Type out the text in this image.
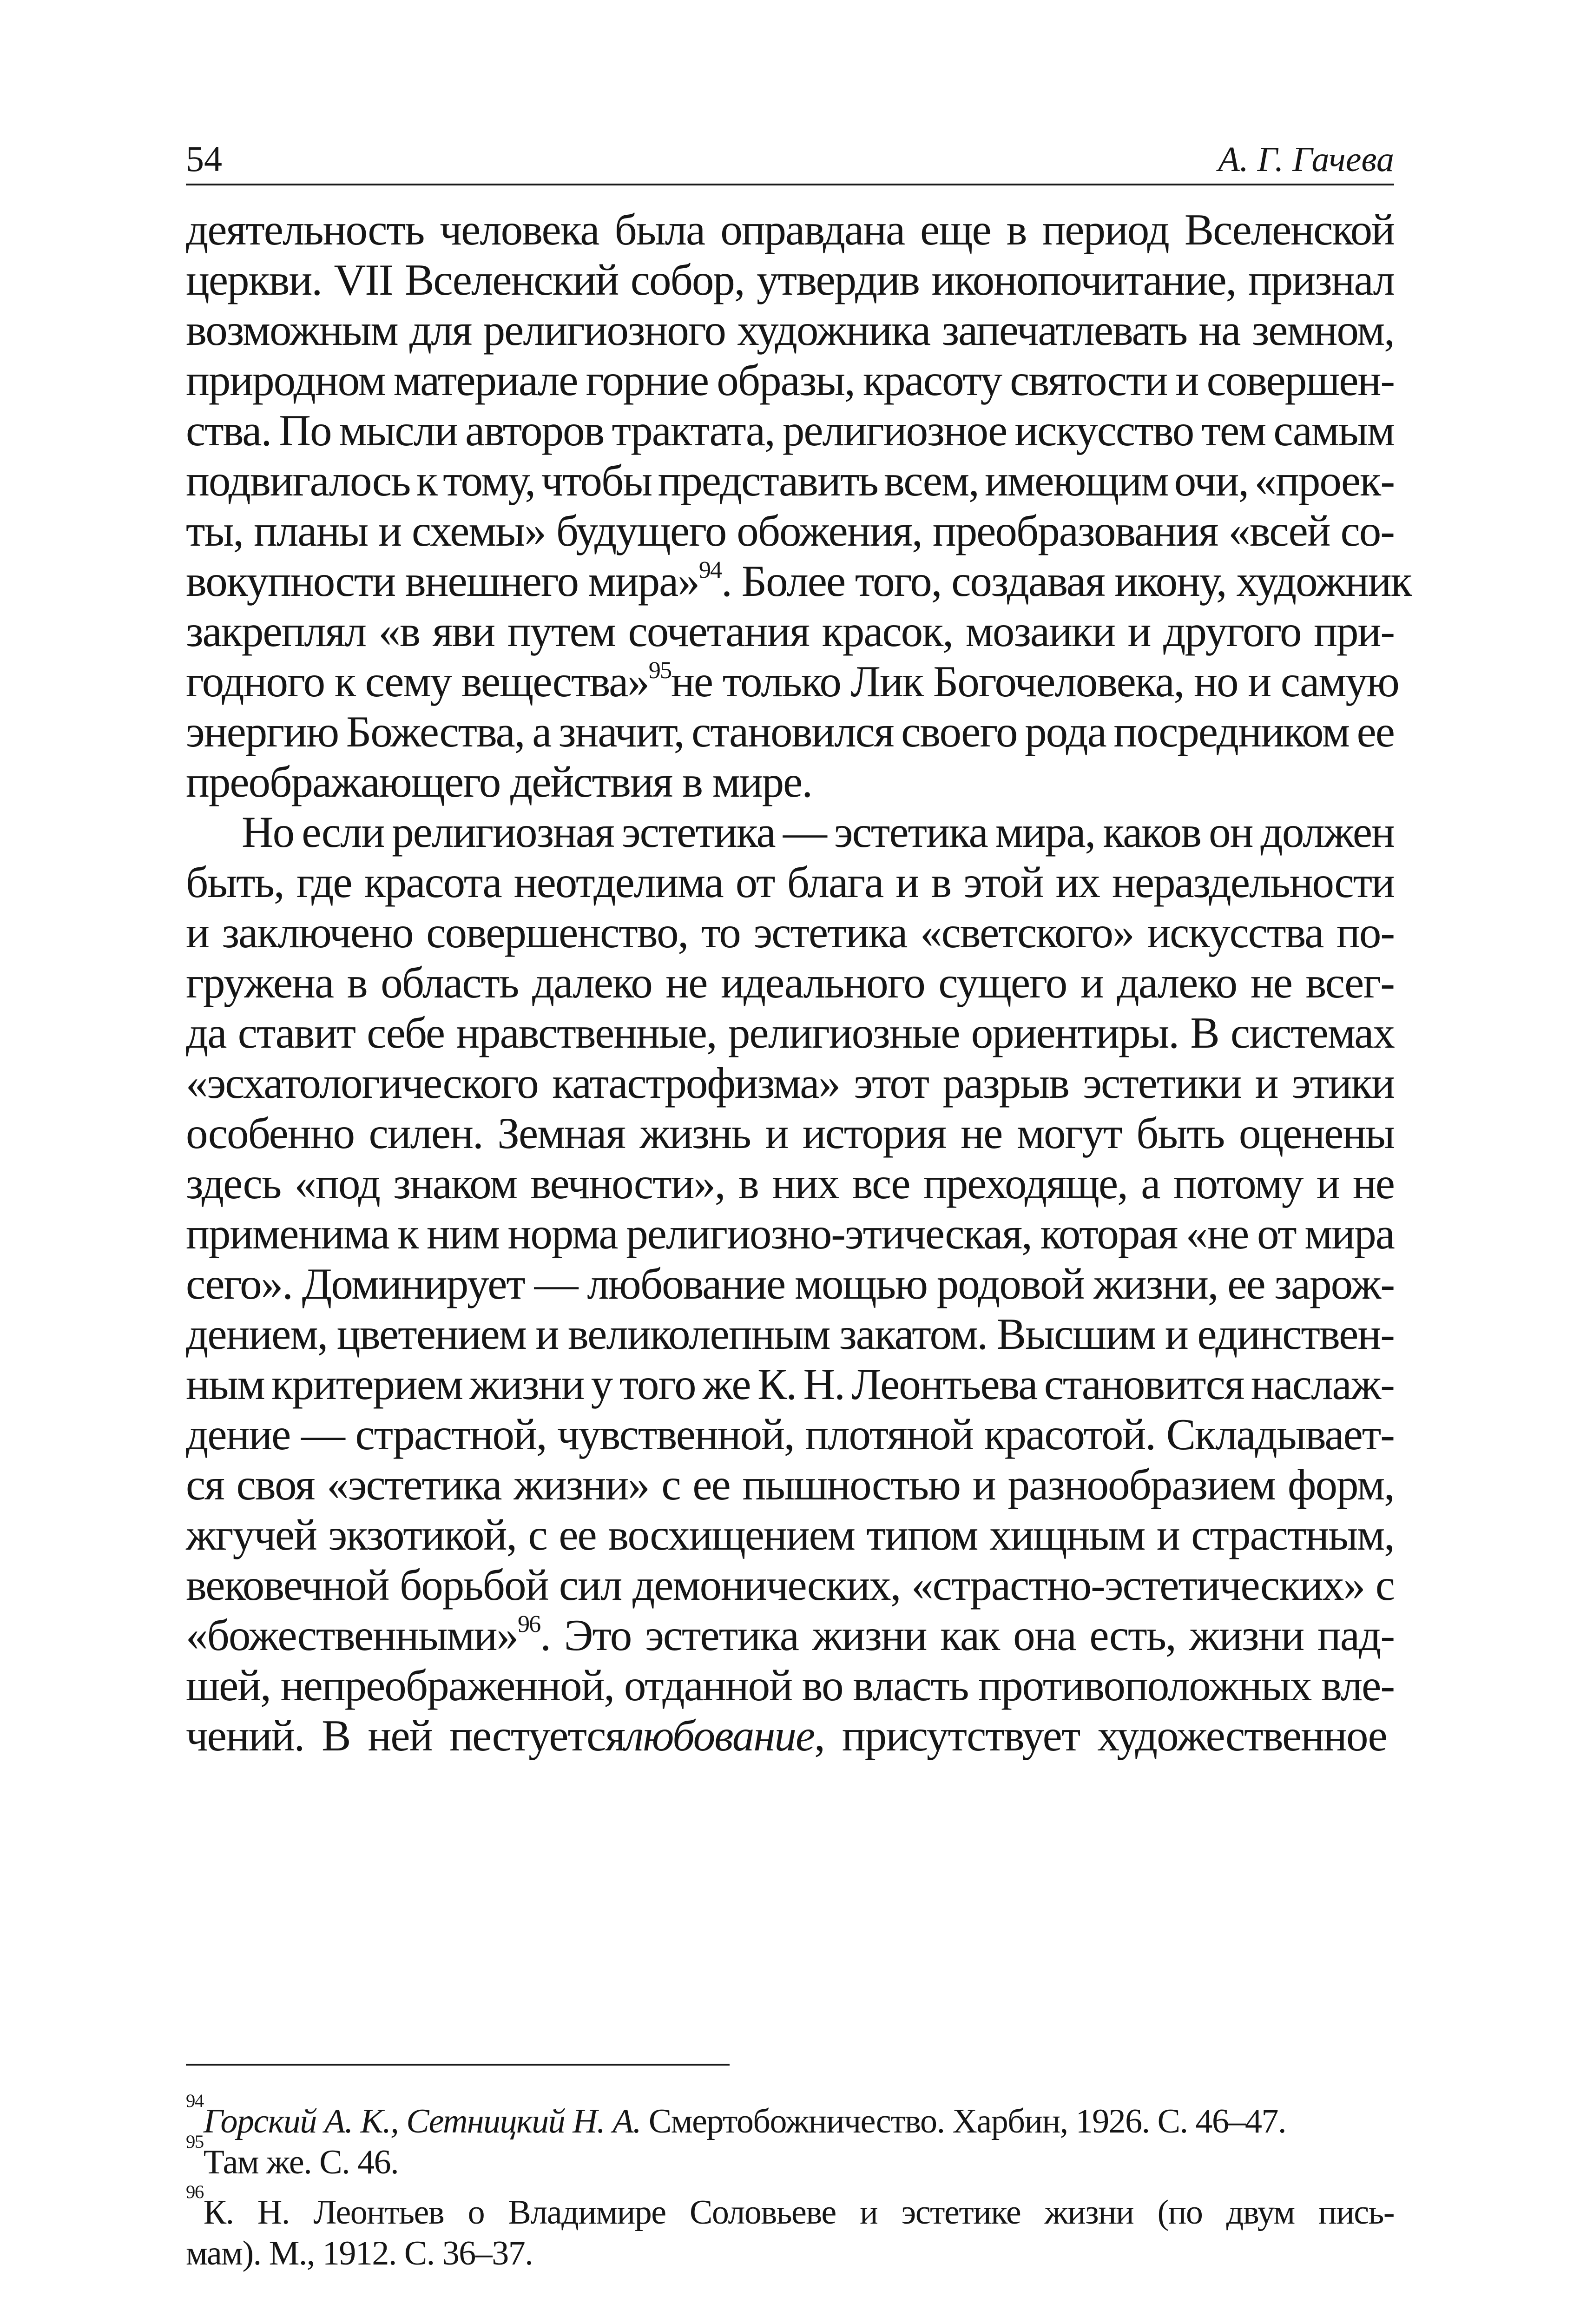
54	А. Г. Гачева
деятельность человека была оправдана еще в период Вселенской
церкви. VII Вселенский собор, утвердив иконопочитание, признал
возможным для религиозного художника запечатлевать на земном,
природном материале горние образы, красоту святости и совершен-
ства. По мысли авторов трактата, религиозное искусство тем самым
подвигалось к тому, чтобы представить всем, имеющим очи, «проек-
ты, планы и схемы» будущего обожения, преобразования «всей со-
вокупности внешнего мира»$^{94}$. Более того, создавая икону, художник
закреплял «в яви путем сочетания красок, мозаики и другого при-
годного к сему вещества»$^{95}$не только Лик Богочеловека, но и самую
энергию Божества, а значит, становился своего рода посредником ее
преображающего действия в мире.
Но если религиозная эстетика — эстетика мира, каков он должен
быть, где красота неотделима от блага и в этой их нераздельности
и заключено совершенство, то эстетика «светского» искусства по-
гружена в область далеко не идеального сущего и далеко не всег-
да ставит себе нравственные, религиозные ориентиры. В системах
«эсхатологического катастрофизма» этот разрыв эстетики и этики
особенно силен. Земная жизнь и история не могут быть оценены
здесь «под знаком вечности», в них все преходяще, а потому и не
применима к ним норма религиозно-этическая, которая «не от мира
сего». Доминирует — любование мощью родовой жизни, ее зарож-
дением, цветением и великолепным закатом. Высшим и единствен-
ным критерием жизни у того же К. Н. Леонтьева становится наслаж-
дение — страстной, чувственной, плотяной красотой. Складывает-
ся своя «эстетика жизни» с ее пышностью и разнообразием форм,
жгучей экзотикой, с ее восхищением типом хищным и страстным,
вековечной борьбой сил демонических, «страстно-эстетических» с
«божественными»$^{96}$. Это эстетика жизни как она есть, жизни пад-
шей, непреображенной, отданной во власть противоположных вле-
чений. В ней пестуетсялюбование, присутствует художественное
94
Горский А. К., Сетницкий Н. А. Смертобожничество. Харбин, 1926. С. 46–47.
95
Там же. С. 46.
96
К. Н. Леонтьев о Владимире Соловьеве и эстетике жизни (по двум пись-
мам). М., 1912. С. 36–37.
